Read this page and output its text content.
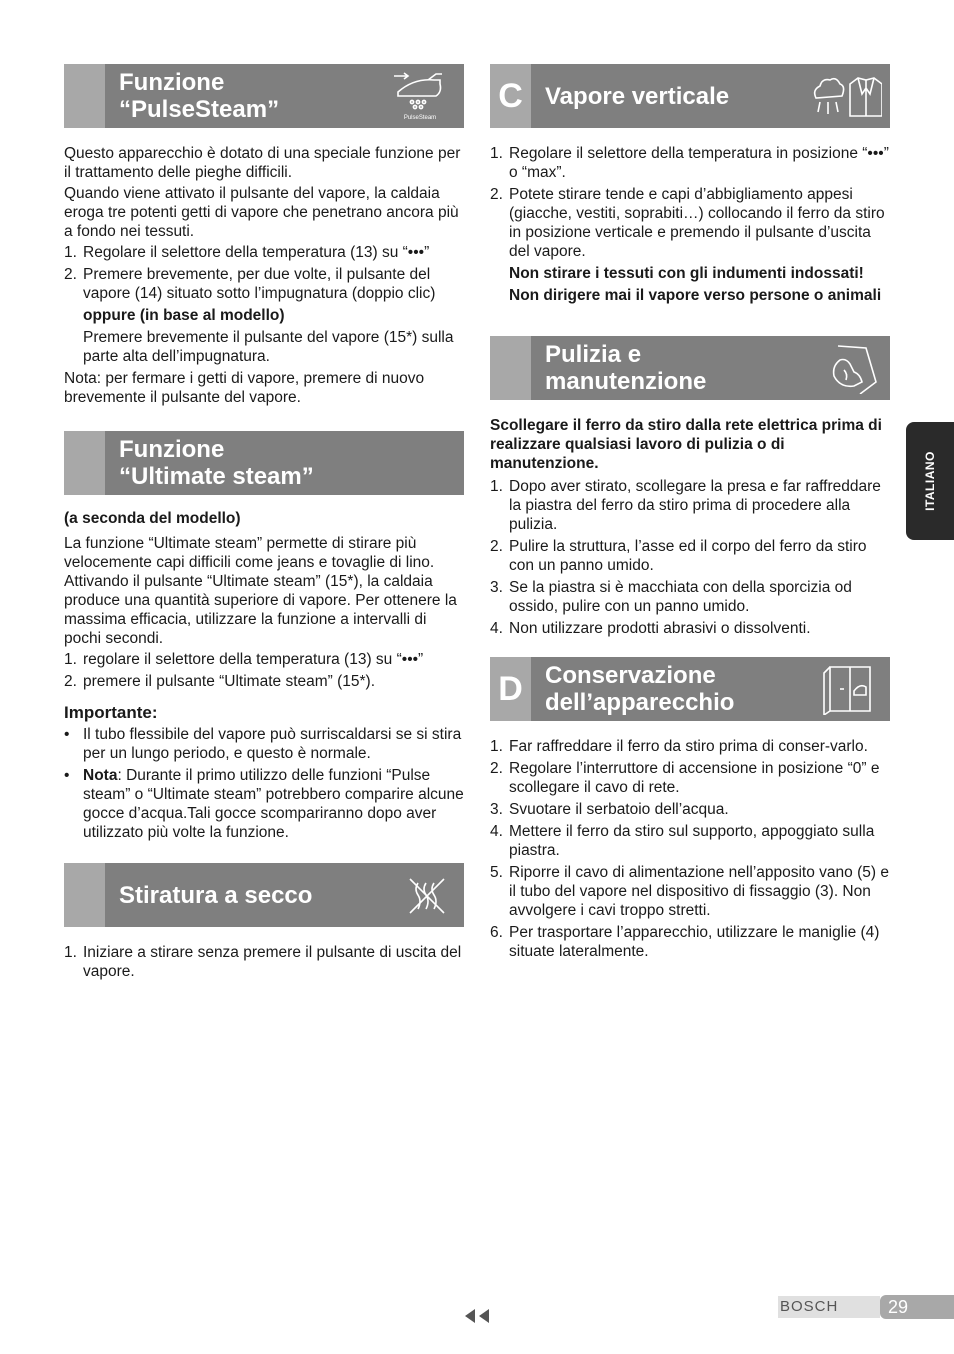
Funzione
“PulseSteam”	PulseSteam

Questo apparecchio è dotato di una speciale funzione per il trattamento delle pieghe difficili.

Quando viene attivato il pulsante del vapore, la caldaia eroga tre potenti getti di vapore che penetrano ancora più a fondo nei tessuti.

1. Regolare il selettore della temperatura (13) su “•••”
2. Premere brevemente, per due volte, il pulsante del vapore (14) situato sotto l’impugnatura (doppio clic)
oppure (in base al modello)
Premere brevemente il pulsante del vapore (15*) sulla parte alta dell’impugnatura.

Nota: per fermare i getti di vapore, premere di nuovo brevemente il pulsante del vapore.

Funzione
“Ultimate steam”

(a seconda del modello)

La funzione “Ultimate steam” permette di stirare più velocemente capi difficili come jeans e tovaglie di lino. Attivando il pulsante “Ultimate steam” (15*), la caldaia produce una quantità superiore di vapore. Per ottenere la massima efficacia, utilizzare la funzione a intervalli di pochi secondi.

1. regolare il selettore della temperatura (13) su “•••”
2. premere il pulsante “Ultimate steam” (15*).
Importante:
• Il tubo flessibile del vapore può surriscaldarsi se si stira per un lungo periodo, e questo è normale.
• Nota: Durante il primo utilizzo delle funzioni “Pulse steam” o “Ultimate steam” potrebbero comparire alcune gocce d’acqua.Tali gocce scompariranno dopo aver utilizzato più volte la funzione.
Stiratura a secco
1. Iniziare a stirare senza premere il pulsante di uscita del vapore.
C Vapore verticale
1. Regolare il selettore della temperatura in posizione “•••” o “max”.
2. Potete stirare tende e capi d’abbigliamento appesi (giacche, vestiti, soprabiti…) collocando il ferro da stiro in posizione verticale e premendo il pulsante d’uscita del vapore.
Non stirare i tessuti con gli indumenti indossati!
Non dirigere mai il vapore verso persone o animali
Pulizia e
manutenzione

Scollegare il ferro da stiro dalla rete elettrica prima di realizzare qualsiasi lavoro di pulizia o di manutenzione.

1. Dopo aver stirato, scollegare la presa e far raffreddare la piastra del ferro da stiro prima di procedere alla pulizia.
2. Pulire la struttura, l’asse ed il corpo del ferro da stiro con un panno umido.
3. Se la piastra si è macchiata con della sporcizia od ossido, pulire con un panno umido.
4. Non utilizzare prodotti abrasivi o dissolventi.
D Conservazione
dell’apparecchio
1. Far raffreddare il ferro da stiro prima di conser-varlo.
2. Regolare l’interruttore di accensione in posizione “0” e scollegare il cavo di rete.
3. Svuotare il serbatoio dell’acqua.
4. Mettere il ferro da stiro sul supporto, appoggiato sulla piastra.
5. Riporre il cavo di alimentazione nell’apposito vano (5) e il tubo del vapore nel dispositivo di fissaggio (3). Non avvolgere i cavi troppo stretti.
6. Per trasportare l’apparecchio, utilizzare le maniglie (4) situate lateralmente.
ITALIANO
BOSCH	29
